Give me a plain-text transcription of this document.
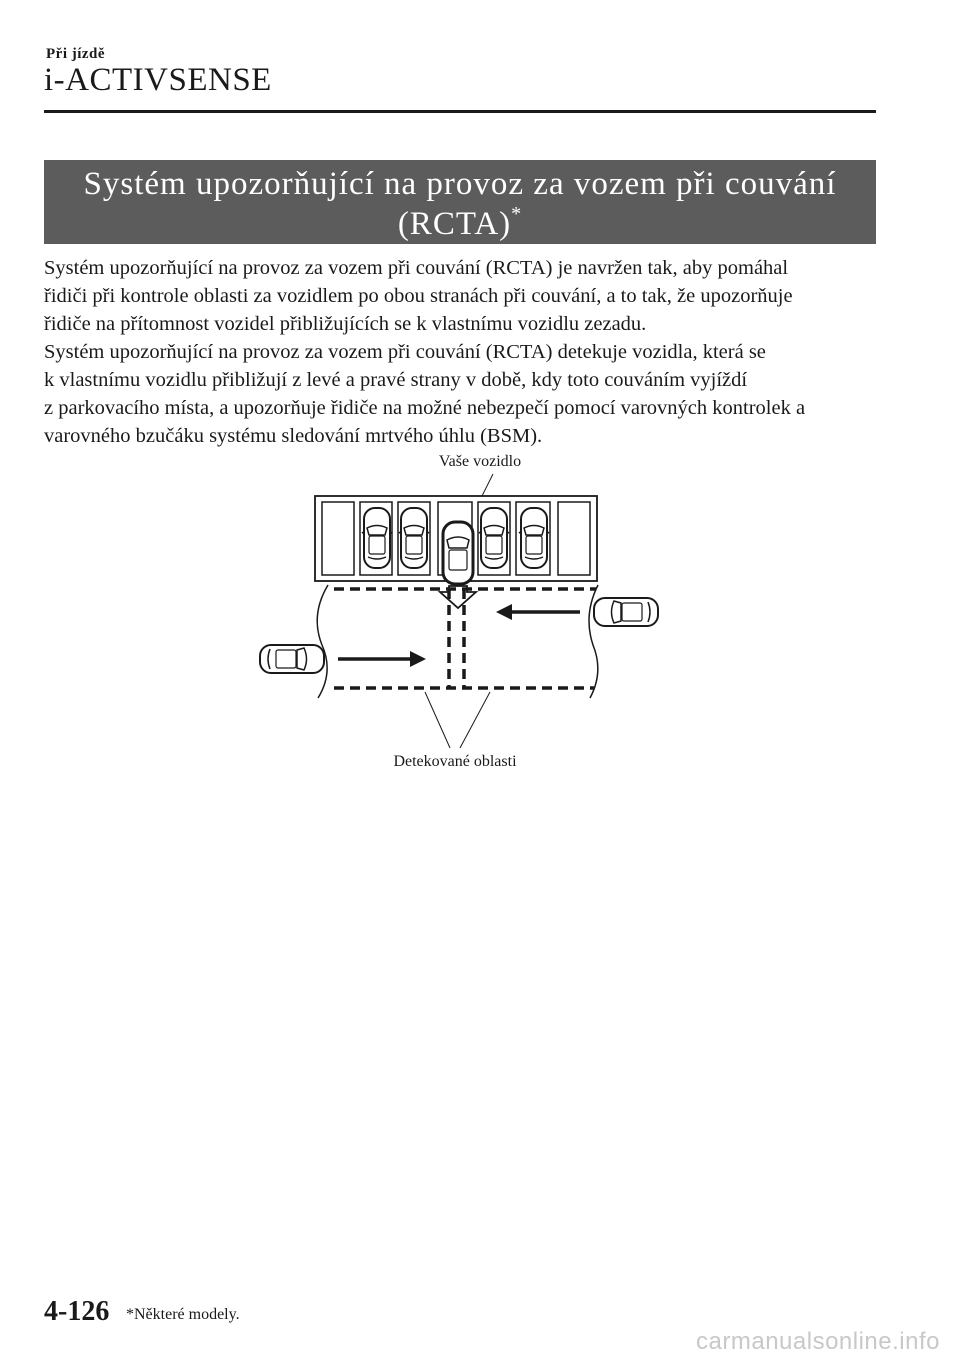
Při jízdě
i-ACTIVSENSE
Systém upozorňující na provoz za vozem při couvání
(RCTA)*

Systém upozorňující na provoz za vozem při couvání (RCTA) je navržen tak, aby pomáhal

řidiči při kontrole oblasti za vozidlem po obou stranách při couvání, a to tak, že upozorňuje

řidiče na přítomnost vozidel přibližujících se k vlastnímu vozidlu zezadu.

Systém upozorňující na provoz za vozem při couvání (RCTA) detekuje vozidla, která se

k vlastnímu vozidlu přibližují z levé a pravé strany v době, kdy toto couváním vyjíždí

z parkovacího místa, a upozorňuje řidiče na možné nebezpečí pomocí varovných kontrolek a

varovného bzučáku systému sledování mrtvého úhlu (BSM).

Vaše vozidlo
Detekované oblasti
4-126 *Některé modely.
carmanualsonline.info
